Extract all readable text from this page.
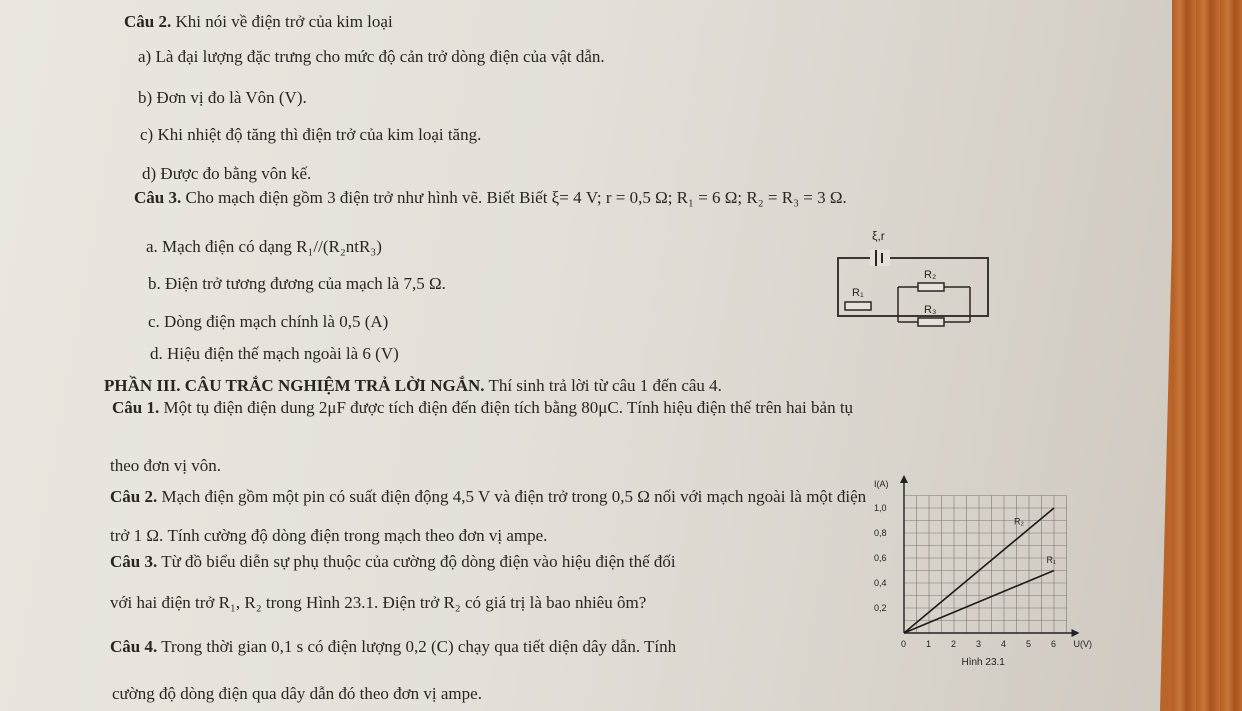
Câu 2. Khi nói về điện trở của kim loại
a) Là đại lượng đặc trưng cho mức độ cản trở dòng điện của vật dẫn.
b) Đơn vị đo là Vôn (V).
c) Khi nhiệt độ tăng thì điện trở của kim loại tăng.
d) Được đo bằng vôn kế.
Câu 3. Cho mạch điện gồm 3 điện trở như hình vẽ. Biết Biết ξ= 4 V; r = 0,5 Ω; R₁ = 6 Ω; R₂ = R₃ = 3 Ω.
a. Mạch điện có dạng R₁//(R₂ntR₃)
b. Điện trở tương đương của mạch là 7,5 Ω.
c. Dòng điện mạch chính là 0,5 (A)
d. Hiệu điện thế mạch ngoài là 6 (V)
ξ,r
R₁
R₂
R₃
PHẦN III. CÂU TRẮC NGHIỆM TRẢ LỜI NGẮN. Thí sinh trả lời từ câu 1 đến câu 4.
Câu 1. Một tụ điện điện dung 2μF được tích điện đến điện tích bằng 80μC. Tính hiệu điện thế trên hai bản tụ
theo đơn vị vôn.
Câu 2. Mạch điện gồm một pin có suất điện động 4,5 V và điện trở trong 0,5 Ω nối với mạch ngoài là một điện
trở 1 Ω. Tính cường độ dòng điện trong mạch theo đơn vị ampe.
Câu 3. Từ đồ biểu diễn sự phụ thuộc của cường độ dòng điện vào hiệu điện thế đối
với hai điện trở R₁, R₂ trong Hình 23.1. Điện trở R₂ có giá trị là bao nhiêu ôm?
Câu 4. Trong thời gian 0,1 s có điện lượng 0,2 (C) chạy qua tiết diện dây dẫn. Tính
cường độ dòng điện qua dây dẫn đó theo đơn vị ampe.
0 1 2 3 4 5 6
0,2
0,4
0,6
0,8
1,0
U(V)
I(A)
R₂
R₁
Hình 23.1
